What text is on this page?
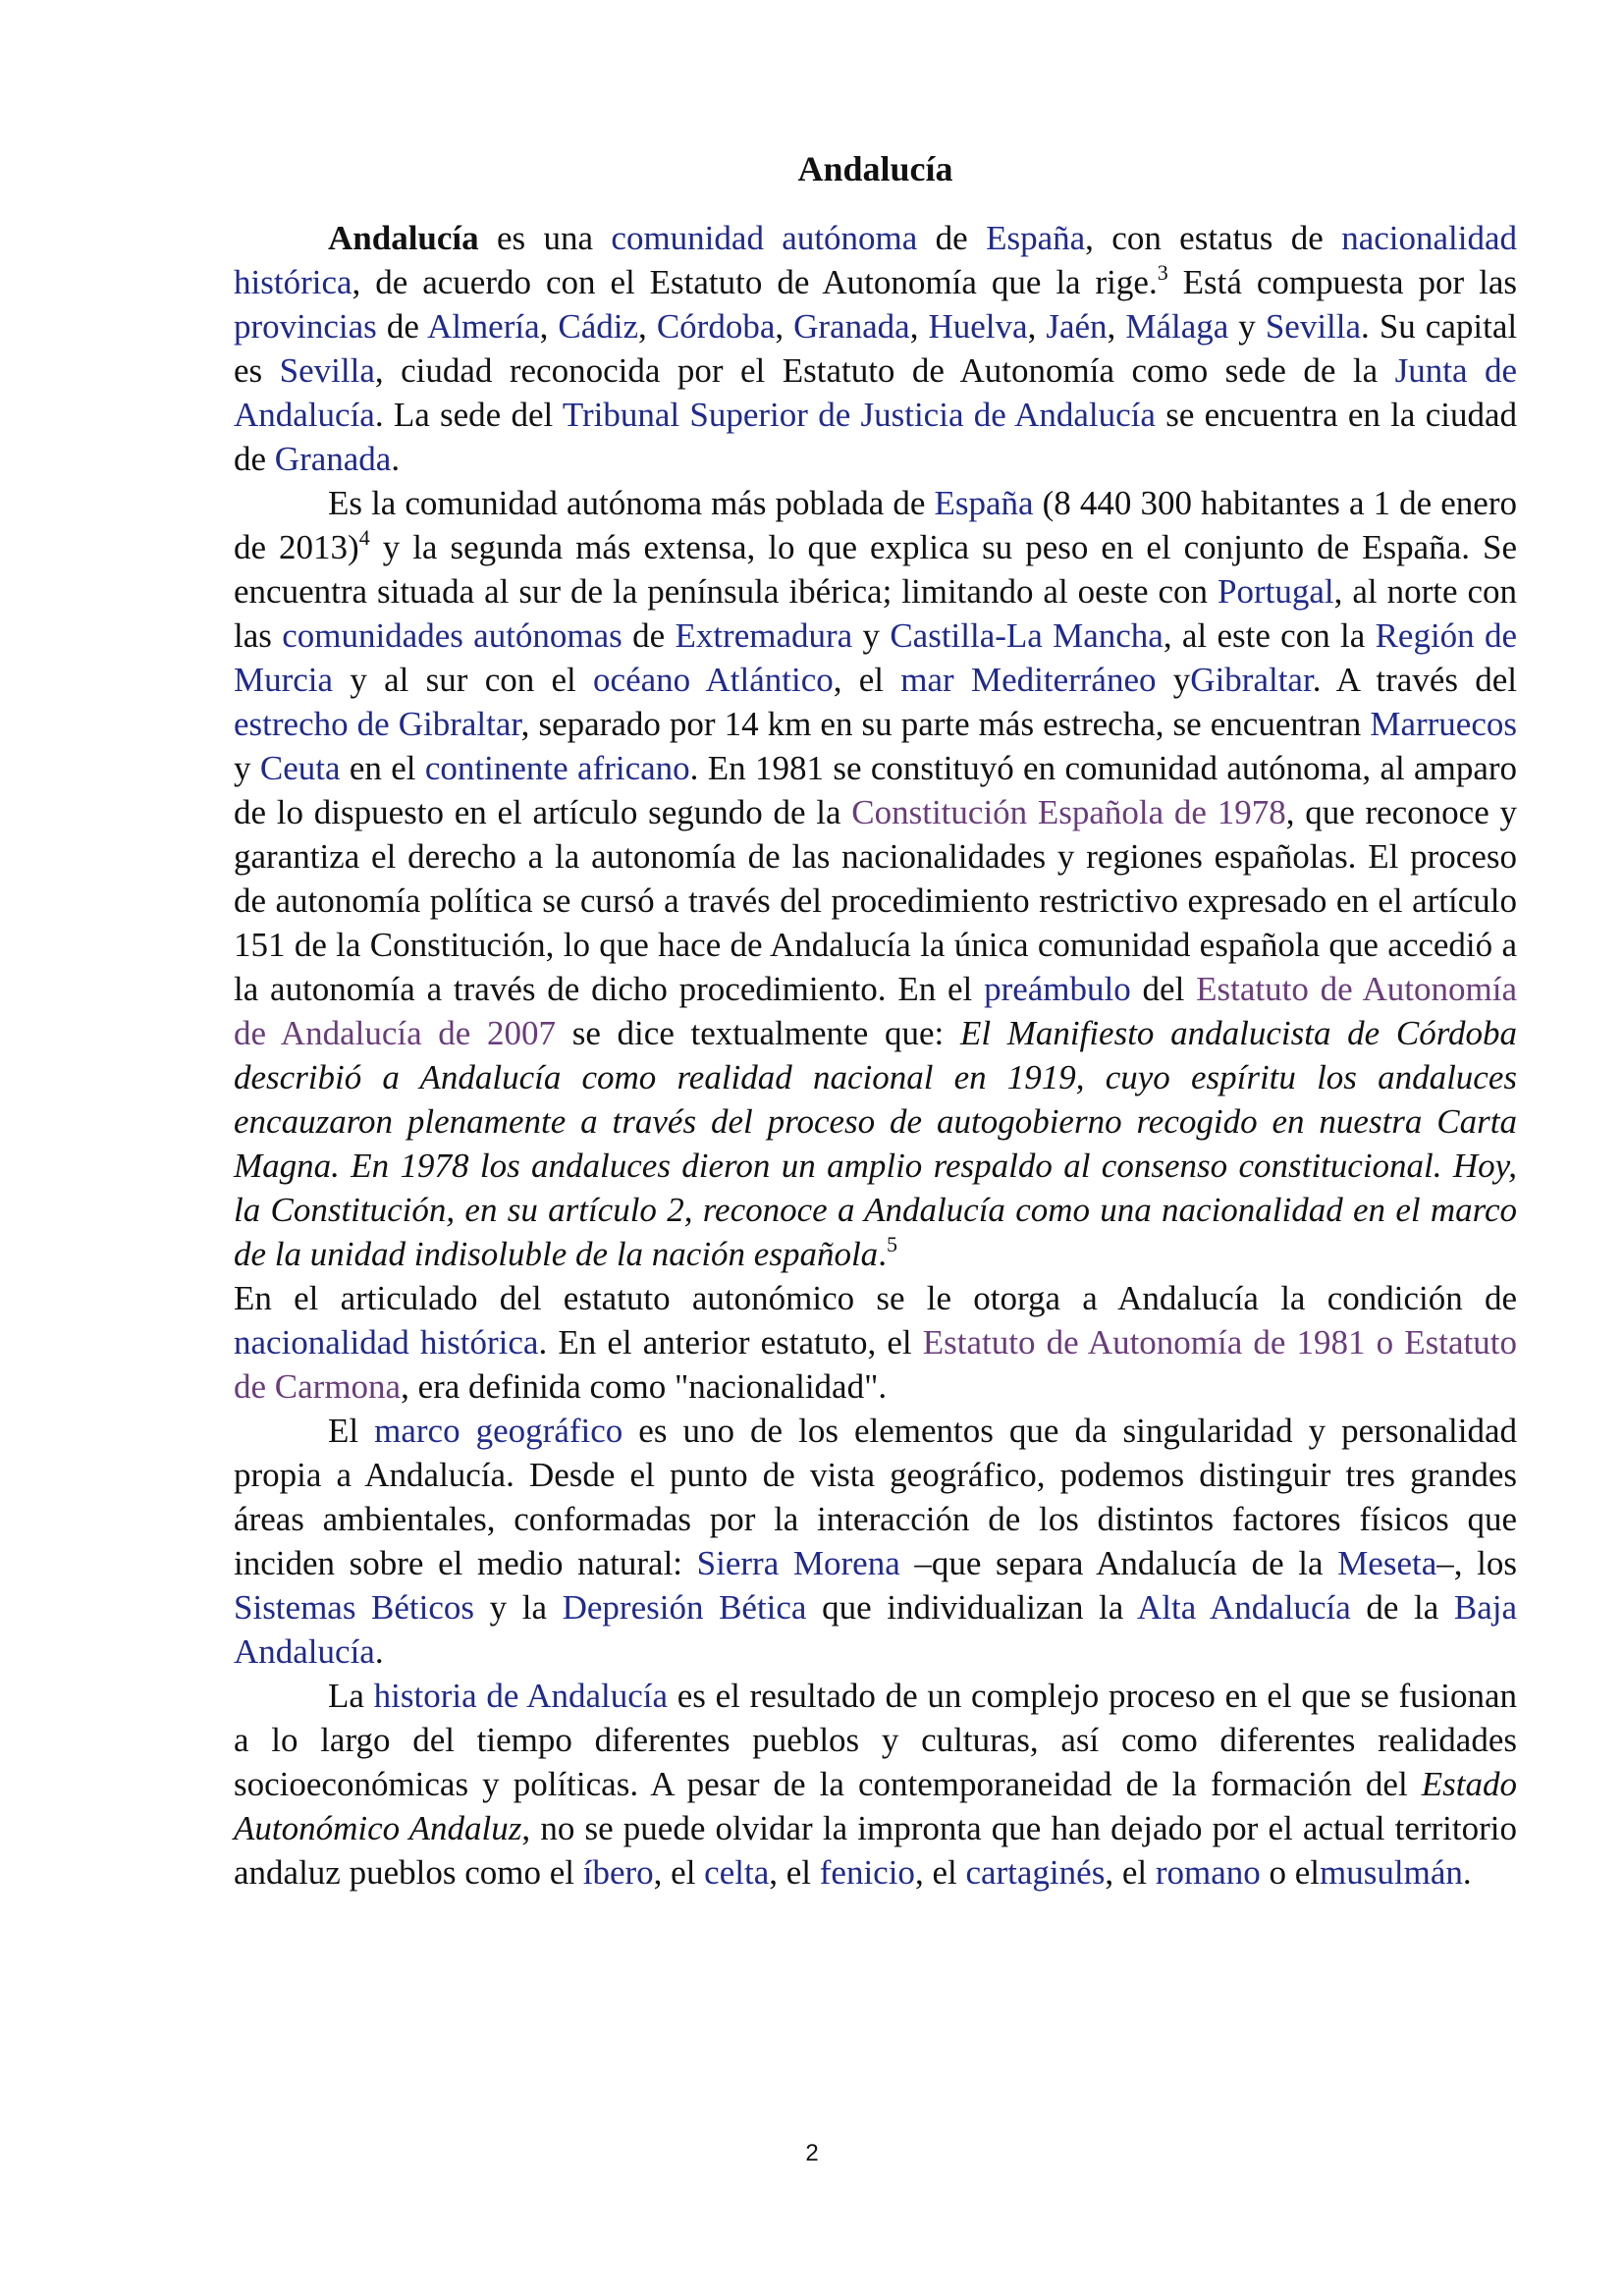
Andalucía

Andalucía es una comunidad autónoma de España, con estatus de nacionalidad histórica, de acuerdo con el Estatuto de Autonomía que la rige.$^3$ Está compuesta por las provincias de Almería, Cádiz, Córdoba, Granada, Huelva, Jaén, Málaga y Sevilla. Su capital es Sevilla, ciudad reconocida por el Estatuto de Autonomía como sede de la Junta de Andalucía. La sede del Tribunal Superior de Justicia de Andalucía se encuentra en la ciudad de Granada.

Es la comunidad autónoma más poblada de España (8 440 300 habitantes a 1 de enero de 2013)$^4$ y la segunda más extensa, lo que explica su peso en el conjunto de España. Se encuentra situada al sur de la península ibérica; limitando al oeste con Portugal, al norte con las comunidades autónomas de Extremadura y Castilla-La Mancha, al este con la Región de Murcia y al sur con el océano Atlántico, el mar Mediterráneo yGibraltar. A través del estrecho de Gibraltar, separado por 14 km en su parte más estrecha, se encuentran Marruecos y Ceuta en el continente africano. En 1981 se constituyó en comunidad autónoma, al amparo de lo dispuesto en el artículo segundo de la Constitución Española de 1978, que reconoce y garantiza el derecho a la autonomía de las nacionalidades y regiones españolas. El proceso de autonomía política se cursó a través del procedimiento restrictivo expresado en el artículo 151 de la Constitución, lo que hace de Andalucía la única comunidad española que accedió a la autonomía a través de dicho procedimiento. En el preámbulo del Estatuto de Autonomía de Andalucía de 2007 se dice textualmente que: El Manifiesto andalucista de Córdoba describió a Andalucía como realidad nacional en 1919, cuyo espíritu los andaluces encauzaron plenamente a través del proceso de autogobierno recogido en nuestra Carta Magna. En 1978 los andaluces dieron un amplio respaldo al consenso constitucional. Hoy, la Constitución, en su artículo 2, reconoce a Andalucía como una nacionalidad en el marco de la unidad indisoluble de la nación española.$^5$

En el articulado del estatuto autonómico se le otorga a Andalucía la condición de nacionalidad histórica. En el anterior estatuto, el Estatuto de Autonomía de 1981 o Estatuto de Carmona, era definida como "nacionalidad".

El marco geográfico es uno de los elementos que da singularidad y personalidad propia a Andalucía. Desde el punto de vista geográfico, podemos distinguir tres grandes áreas ambientales, conformadas por la interacción de los distintos factores físicos que inciden sobre el medio natural: Sierra Morena –que separa Andalucía de la Meseta–, los Sistemas Béticos y la Depresión Bética que individualizan la Alta Andalucía de la Baja Andalucía.

La historia de Andalucía es el resultado de un complejo proceso en el que se fusionan a lo largo del tiempo diferentes pueblos y culturas, así como diferentes realidades socioeconómicas y políticas. A pesar de la contemporaneidad de la formación del Estado Autonómico Andaluz, no se puede olvidar la impronta que han dejado por el actual territorio andaluz pueblos como el íbero, el celta, el fenicio, el cartaginés, el romano o elmusulmán.

2
